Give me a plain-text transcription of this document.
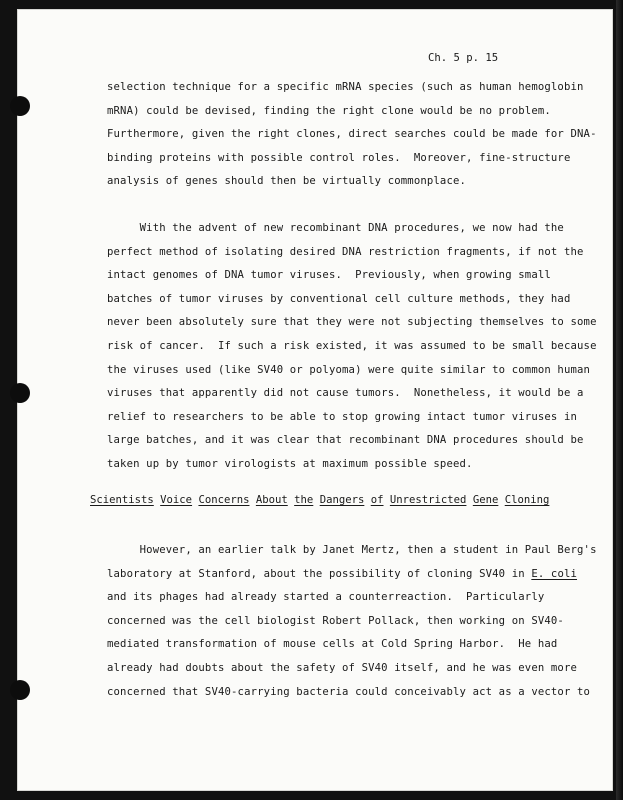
Ch. 5 p. 15
selection technique for a specific mRNA species (such as human hemoglobin
mRNA) could be devised, finding the right clone would be no problem.
Furthermore, given the right clones, direct searches could be made for DNA-
binding proteins with possible control roles.  Moreover, fine-structure
analysis of genes should then be virtually commonplace.
With the advent of new recombinant DNA procedures, we now had the
perfect method of isolating desired DNA restriction fragments, if not the
intact genomes of DNA tumor viruses.  Previously, when growing small
batches of tumor viruses by conventional cell culture methods, they had
never been absolutely sure that they were not subjecting themselves to some
risk of cancer.  If such a risk existed, it was assumed to be small because
the viruses used (like SV40 or polyoma) were quite similar to common human
viruses that apparently did not cause tumors.  Nonetheless, it would be a
relief to researchers to be able to stop growing intact tumor viruses in
large batches, and it was clear that recombinant DNA procedures should be
taken up by tumor virologists at maximum possible speed.
Scientists Voice Concerns About the Dangers of Unrestricted Gene Cloning
However, an earlier talk by Janet Mertz, then a student in Paul Berg's
laboratory at Stanford, about the possibility of cloning SV40 in E. coli
and its phages had already started a counterreaction.  Particularly
concerned was the cell biologist Robert Pollack, then working on SV40-
mediated transformation of mouse cells at Cold Spring Harbor.  He had
already had doubts about the safety of SV40 itself, and he was even more
concerned that SV40-carrying bacteria could conceivably act as a vector to
